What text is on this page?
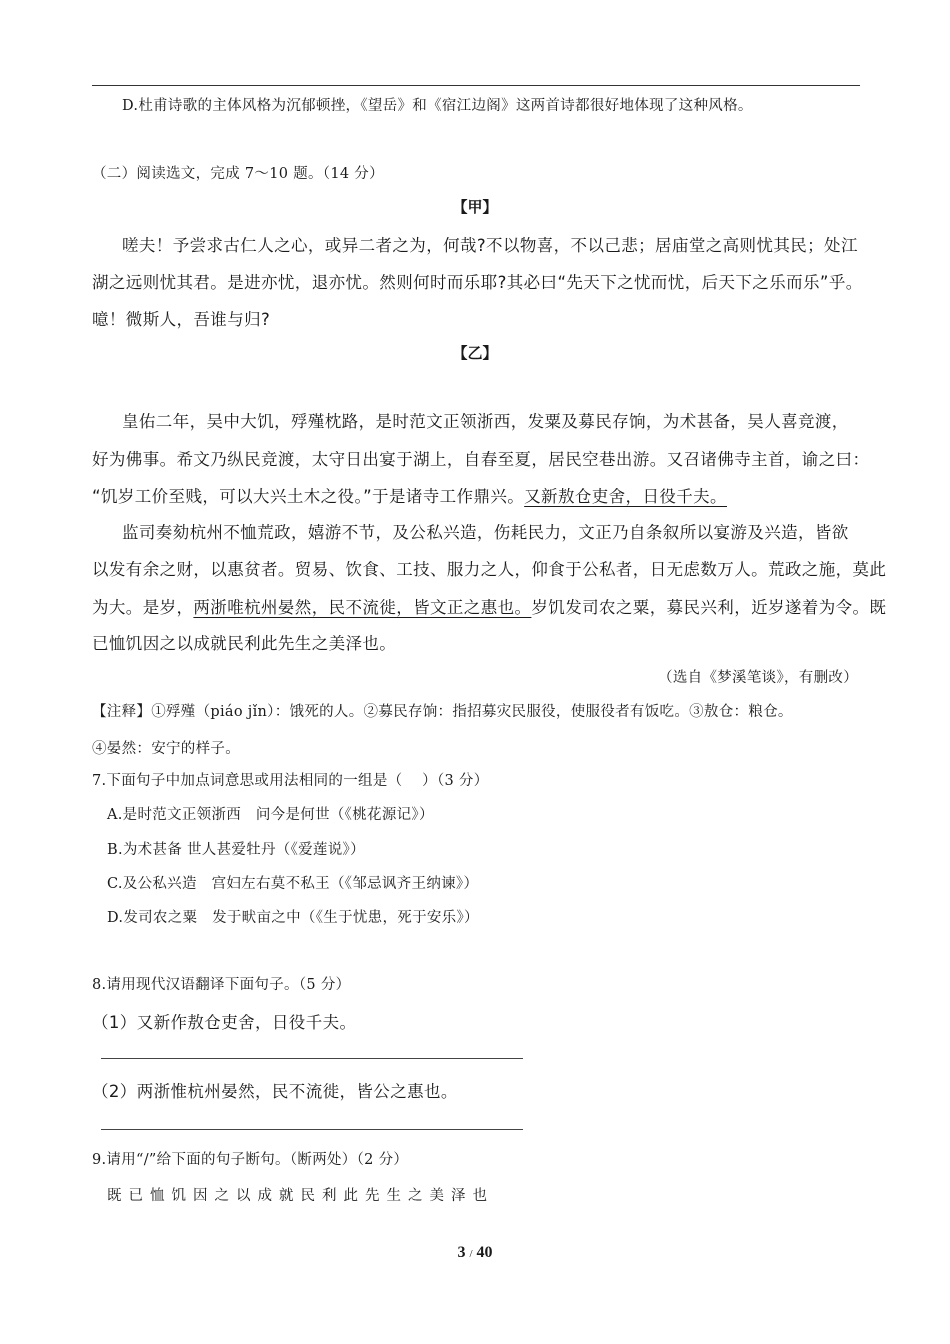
D.杜甫诗歌的主体风格为沉郁顿挫，《望岳》和《宿江边阁》这两首诗都很好地体现了这种风格。
（二）阅读选文，完成 7～10 题。（14 分）
【甲】
嗟夫！予尝求古仁人之心，或异二者之为，何哉?不以物喜，不以己悲；居庙堂之高则忧其民；处江
湖之远则忧其君。是进亦忧，退亦忧。然则何时而乐耶?其必曰“先天下之忧而忧，后天下之乐而乐”乎。
噫！微斯人，吾谁与归?
【乙】
皇佑二年，吴中大饥，殍殣枕路，是时范文正领浙西，发粟及募民存饷，为术甚备，吴人喜竞渡，
好为佛事。希文乃纵民竞渡，太守日出宴于湖上，自春至夏，居民空巷出游。又召诸佛寺主首，谕之曰：
“饥岁工价至贱，可以大兴土木之役。”于是诸寺工作鼎兴。又新敖仓吏舍，日役千夫。
监司奏劾杭州不恤荒政，嬉游不节，及公私兴造，伤耗民力，文正乃自条叙所以宴游及兴造，皆欲
以发有余之财，以惠贫者。贸易、饮食、工技、服力之人，仰食于公私者，日无虑数万人。荒政之施，莫此
为大。是岁，两浙唯杭州晏然，民不流徙，皆文正之惠也。岁饥发司农之粟，募民兴利，近岁遂着为令。既
已恤饥因之以成就民利此先生之美泽也。
（选自《梦溪笔谈》，有删改）
【注释】①殍殣（piáo jǐn）：饿死的人。②募民存饷：指招募灾民服役，使服役者有饭吃。③敖仓：粮仓。
④晏然：安宁的样子。
7.下面句子中加点词意思或用法相同的一组是（　 ）（3 分）
A.是时范文正领浙西　问今是何世（《桃花源记》）
B.为术甚备 世人甚爱牡丹（《爱莲说》）
C.及公私兴造　宫妇左右莫不私王（《邹忌讽齐王纳谏》）
D.发司农之粟　发于畎亩之中（《生于忧患，死于安乐》）
8.请用现代汉语翻译下面句子。（5 分）
（1）又新作敖仓吏舍，日役千夫。
（2）两浙惟杭州晏然，民不流徙，皆公之惠也。
9.请用“/”给下面的句子断句。（断两处）（2 分）
既已恤饥因之以成就民利此先生之美泽也
3 / 40
